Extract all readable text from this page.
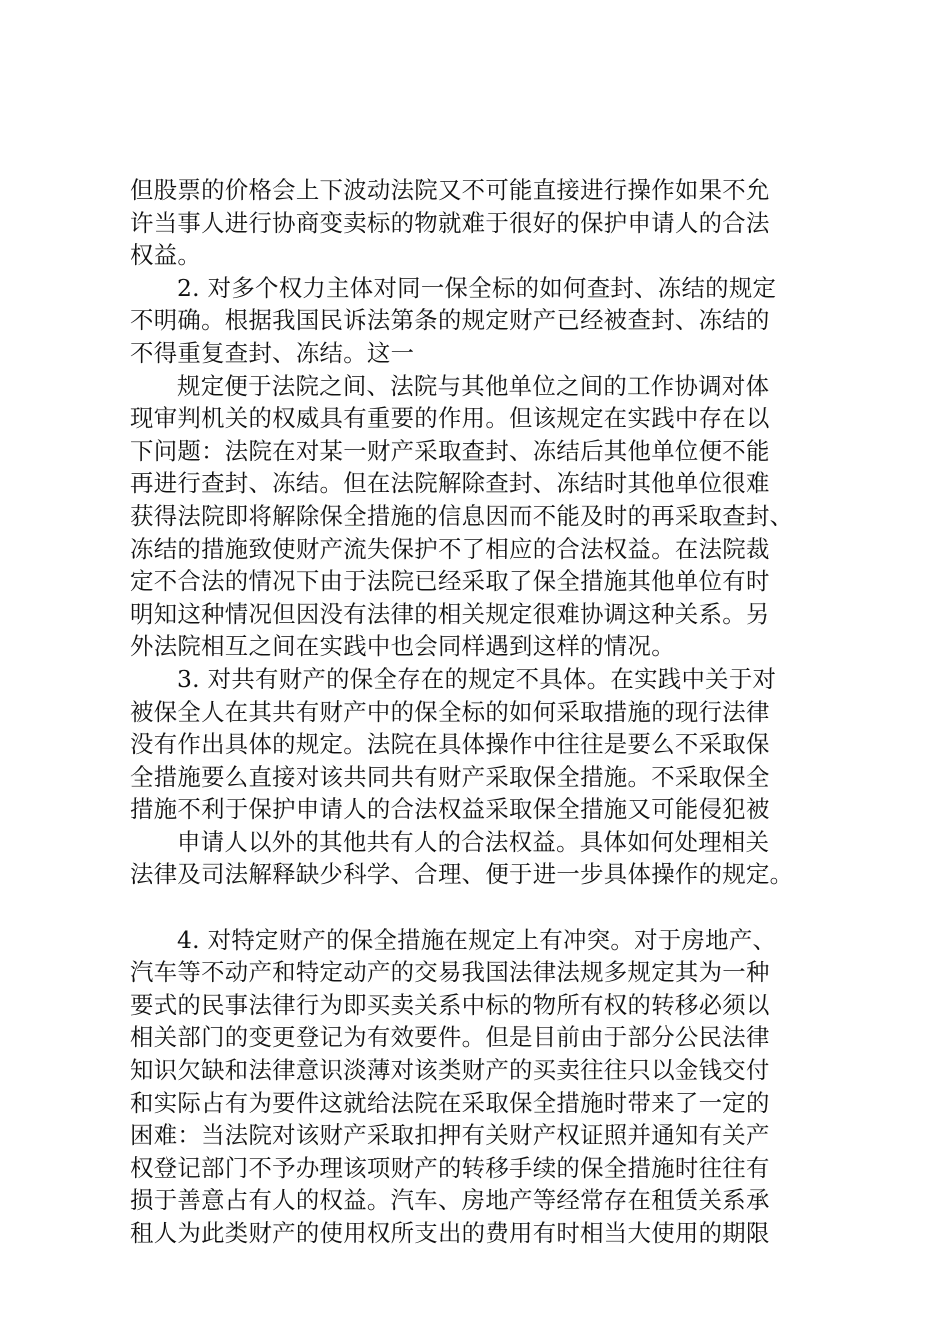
但股票的价格会上下波动法院又不可能直接进行操作如果不允
许当事人进行协商变卖标的物就难于很好的保护申请人的合法
权益。
2. 对多个权力主体对同一保全标的如何查封、冻结的规定
不明确。根据我国民诉法第条的规定财产已经被查封、冻结的
不得重复查封、冻结。这一
规定便于法院之间、法院与其他单位之间的工作协调对体
现审判机关的权威具有重要的作用。但该规定在实践中存在以
下问题：法院在对某一财产采取查封、冻结后其他单位便不能
再进行查封、冻结。但在法院解除查封、冻结时其他单位很难
获得法院即将解除保全措施的信息因而不能及时的再采取查封、
冻结的措施致使财产流失保护不了相应的合法权益。在法院裁
定不合法的情况下由于法院已经采取了保全措施其他单位有时
明知这种情况但因没有法律的相关规定很难协调这种关系。另
外法院相互之间在实践中也会同样遇到这样的情况。
3. 对共有财产的保全存在的规定不具体。在实践中关于对
被保全人在其共有财产中的保全标的如何采取措施的现行法律
没有作出具体的规定。法院在具体操作中往往是要么不采取保
全措施要么直接对该共同共有财产采取保全措施。不采取保全
措施不利于保护申请人的合法权益采取保全措施又可能侵犯被
申请人以外的其他共有人的合法权益。具体如何处理相关
法律及司法解释缺少科学、合理、便于进一步具体操作的规定。
4. 对特定财产的保全措施在规定上有冲突。对于房地产、
汽车等不动产和特定动产的交易我国法律法规多规定其为一种
要式的民事法律行为即买卖关系中标的物所有权的转移必须以
相关部门的变更登记为有效要件。但是目前由于部分公民法律
知识欠缺和法律意识淡薄对该类财产的买卖往往只以金钱交付
和实际占有为要件这就给法院在采取保全措施时带来了一定的
困难：当法院对该财产采取扣押有关财产权证照并通知有关产
权登记部门不予办理该项财产的转移手续的保全措施时往往有
损于善意占有人的权益。汽车、房地产等经常存在租赁关系承
租人为此类财产的使用权所支出的费用有时相当大使用的期限
